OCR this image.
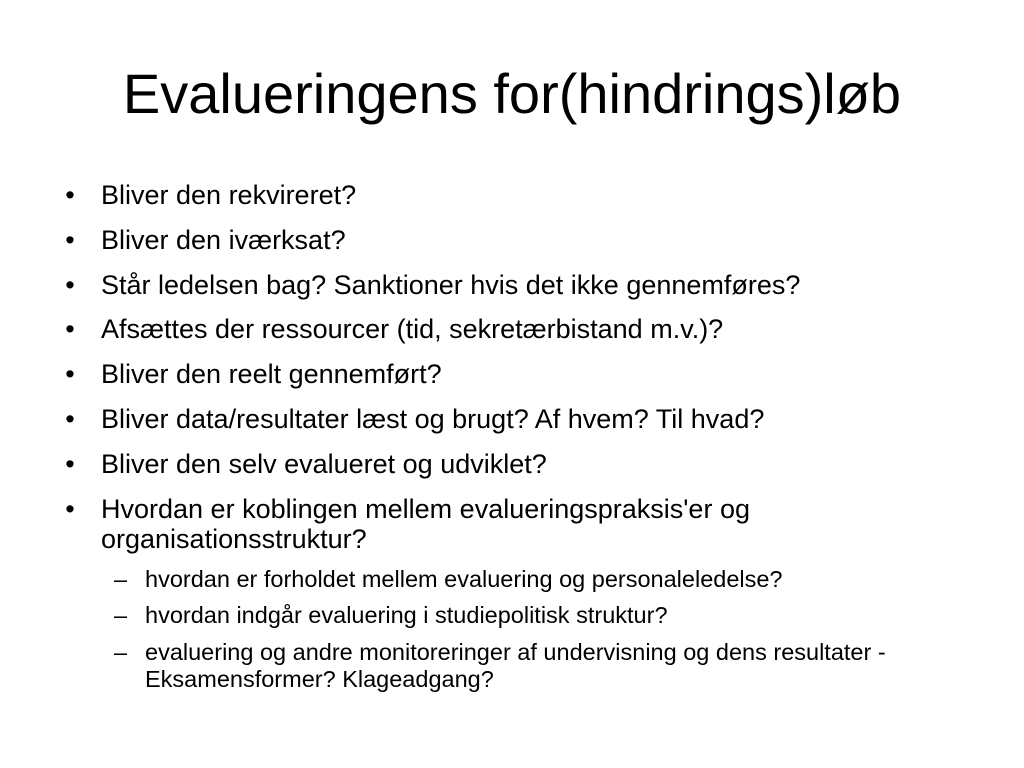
Evalueringens for(hindrings)løb
• Bliver den rekvireret?
• Bliver den iværksat?
• Står ledelsen bag? Sanktioner hvis det ikke gennemføres?
• Afsættes der ressourcer (tid, sekretærbistand m.v.)?
• Bliver den reelt gennemført?
• Bliver data/resultater læst og brugt? Af hvem? Til hvad?
• Bliver den selv evalueret og udviklet?
• Hvordan er koblingen mellem evalueringspraksis'er og organisationsstruktur?
– hvordan er forholdet mellem evaluering og personaleledelse?
– hvordan indgår evaluering i studiepolitisk struktur?
– evaluering og andre monitoreringer af undervisning og dens resultater - Eksamensformer? Klageadgang?
